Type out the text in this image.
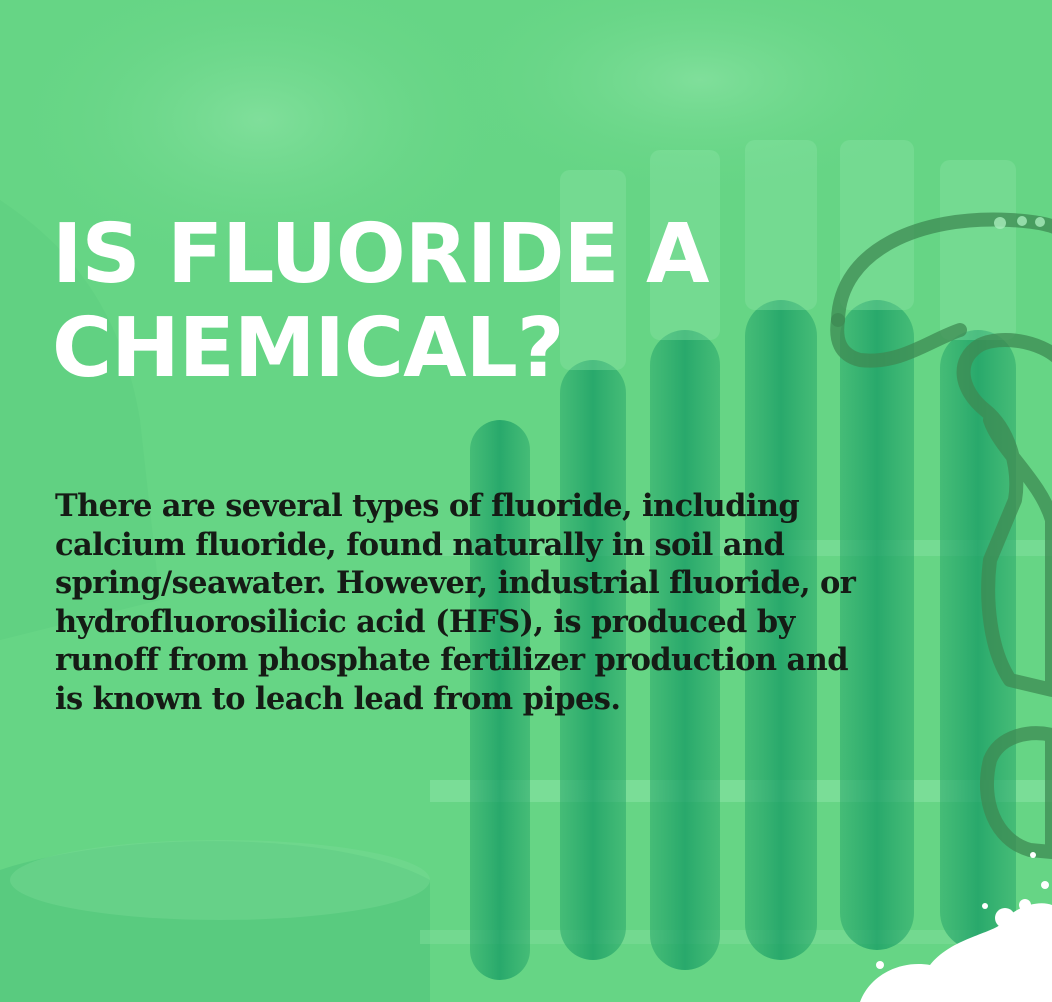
IS FLUORIDE A
CHEMICAL?

There are several types of fluoride, including
calcium fluoride, found naturally in soil and
spring/seawater. However, industrial fluoride, or
hydrofluorosilicic acid (HFS), is produced by
runoff from phosphate fertilizer production and
is known to leach lead from pipes.
